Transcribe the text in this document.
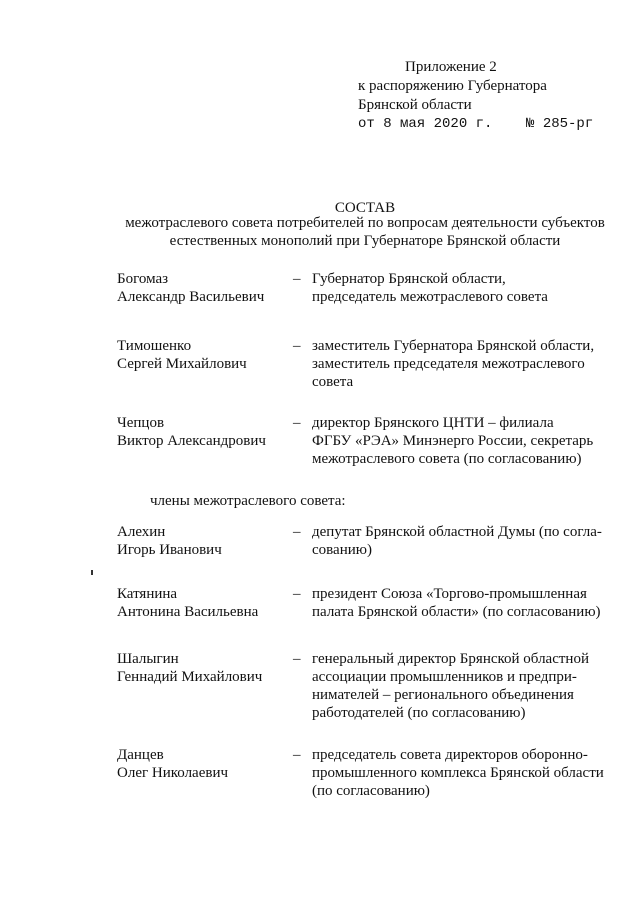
Приложение 2
к распоряжению Губернатора
Брянской области
от 8 мая 2020 г.    № 285-рг
СОСТАВ
межотраслевого совета потребителей по вопросам деятельности субъектов
естественных монополий при Губернаторе Брянской области
Богомаз
Александр Васильевич
– Губернатор Брянской области,
председатель межотраслевого совета
Тимошенко
Сергей Михайлович
– заместитель Губернатора Брянской области,
заместитель председателя межотраслевого
совета
Чепцов
Виктор Александрович
– директор Брянского ЦНТИ – филиала
ФГБУ «РЭА» Минэнерго России, секретарь
межотраслевого совета (по согласованию)
члены межотраслевого совета:
Алехин
Игорь Иванович
– депутат Брянской областной Думы (по согла-
сованию)
Катянина
Антонина Васильевна
– президент Союза «Торгово-промышленная
палата Брянской области» (по согласованию)
Шалыгин
Геннадий Михайлович
– генеральный директор Брянской областной
ассоциации промышленников и предпри-
нимателей – регионального объединения
работодателей (по согласованию)
Данцев
Олег Николаевич
– председатель совета директоров оборонно-
промышленного комплекса Брянской области
(по согласованию)
